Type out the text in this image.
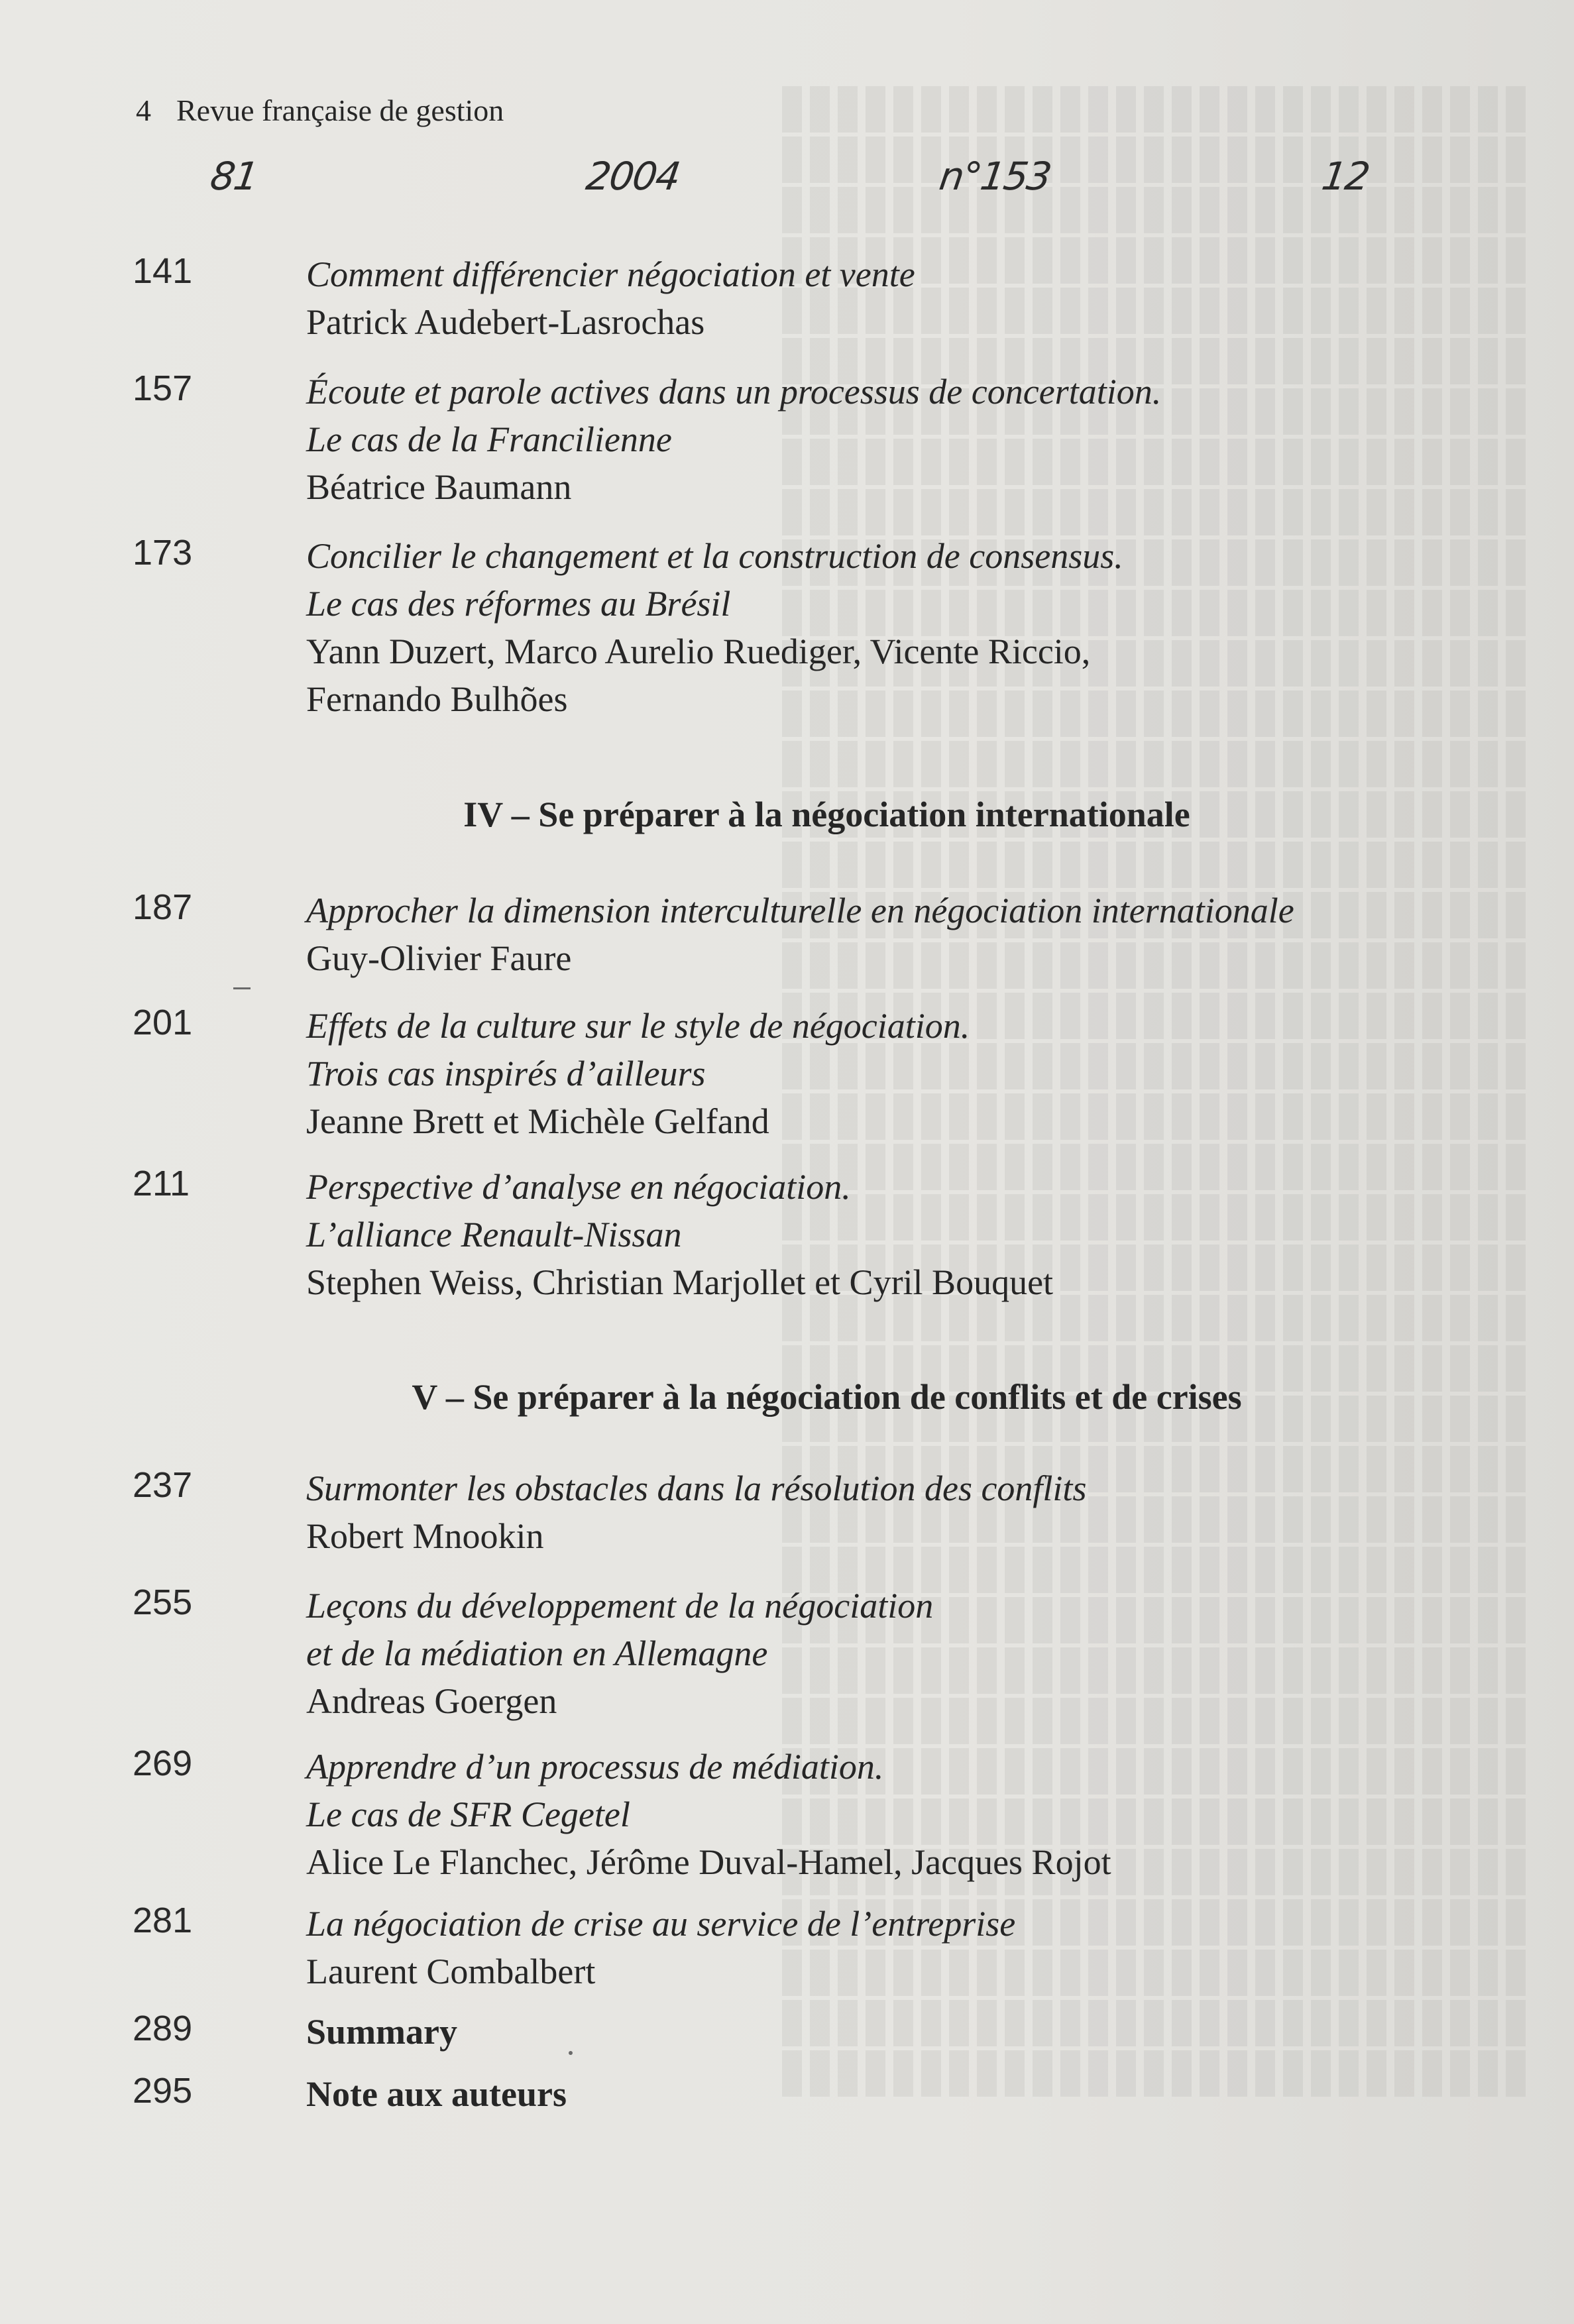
4 Revue française de gestion
81	2004	n°153	12
141	Comment différencier négociation et vente
Patrick Audebert-Lasrochas
157	Écoute et parole actives dans un processus de concertation.
Le cas de la Francilienne
Béatrice Baumann
173	Concilier le changement et la construction de consensus.
Le cas des réformes au Brésil
Yann Duzert, Marco Aurelio Ruediger, Vicente Riccio,
Fernando Bulhões
IV – Se préparer à la négociation internationale
187	Approcher la dimension interculturelle en négociation internationale
Guy-Olivier Faure
201	Effets de la culture sur le style de négociation.
Trois cas inspirés d’ailleurs
Jeanne Brett et Michèle Gelfand
211	Perspective d’analyse en négociation.
L’alliance Renault-Nissan
Stephen Weiss, Christian Marjollet et Cyril Bouquet
V – Se préparer à la négociation de conflits et de crises
237	Surmonter les obstacles dans la résolution des conflits
Robert Mnookin
255	Leçons du développement de la négociation
et de la médiation en Allemagne
Andreas Goergen
269	Apprendre d’un processus de médiation.
Le cas de SFR Cegetel
Alice Le Flanchec, Jérôme Duval-Hamel, Jacques Rojot
281	La négociation de crise au service de l’entreprise
Laurent Combalbert
289	Summary
295	Note aux auteurs
